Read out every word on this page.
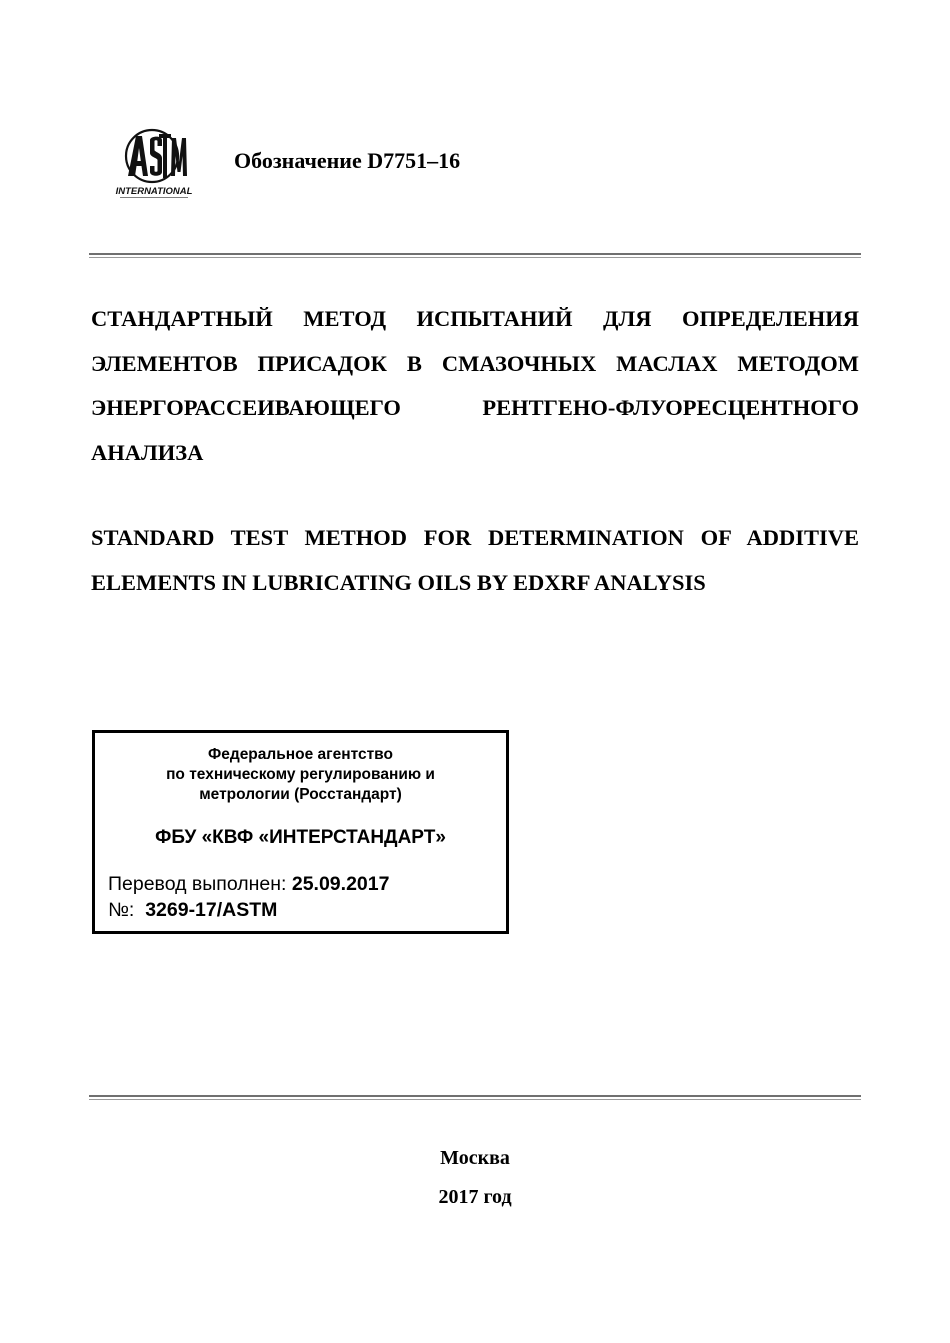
INTERNATIONAL
Обозначение D7751–16

СТАНДАРТНЫЙ МЕТОД ИСПЫТАНИЙ ДЛЯ ОПРЕДЕЛЕНИЯ ЭЛЕМЕНТОВ ПРИСАДОК В СМАЗОЧНЫХ МАСЛАХ МЕТОДОМ ЭНЕРГОРАССЕИВАЮЩЕГО РЕНТГЕНО-ФЛУОРЕСЦЕНТНОГО АНАЛИЗА

STANDARD TEST METHOD FOR DETERMINATION OF ADDITIVE ELEMENTS IN LUBRICATING OILS BY EDXRF ANALYSIS

Федеральное агентство
по техническому регулированию и
метрологии (Росстандарт)
ФБУ «КВФ «ИНТЕРСТАНДАРТ»
Перевод выполнен: 25.09.2017
№: 3269-17/ASTM
Москва
2017 год
